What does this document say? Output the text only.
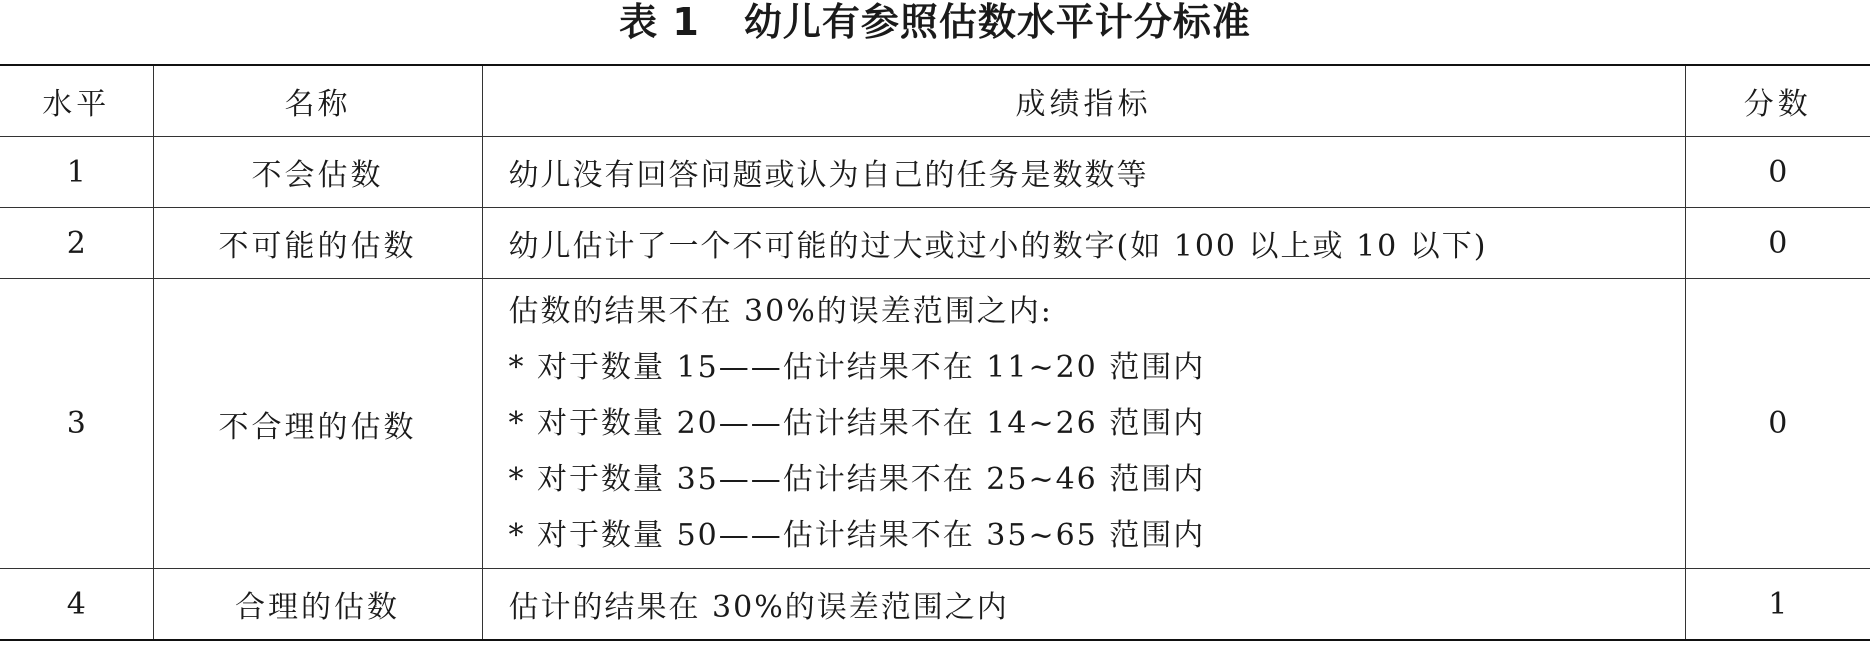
表 1 幼儿有参照估数水平计分标准
水平	名称	成绩指标	分数
1	不会估数	幼儿没有回答问题或认为自己的任务是数数等	0
2	不可能的估数	幼儿估计了一个不可能的过大或过小的数字(如 100 以上或 10 以下)	0
3	不合理的估数	估数的结果不在 30%的误差范围之内:
* 对于数量 15——估计结果不在 11~20 范围内
* 对于数量 20——估计结果不在 14~26 范围内
* 对于数量 35——估计结果不在 25~46 范围内
* 对于数量 50——估计结果不在 35~65 范围内	0
4	合理的估数	估计的结果在 30%的误差范围之内	1
